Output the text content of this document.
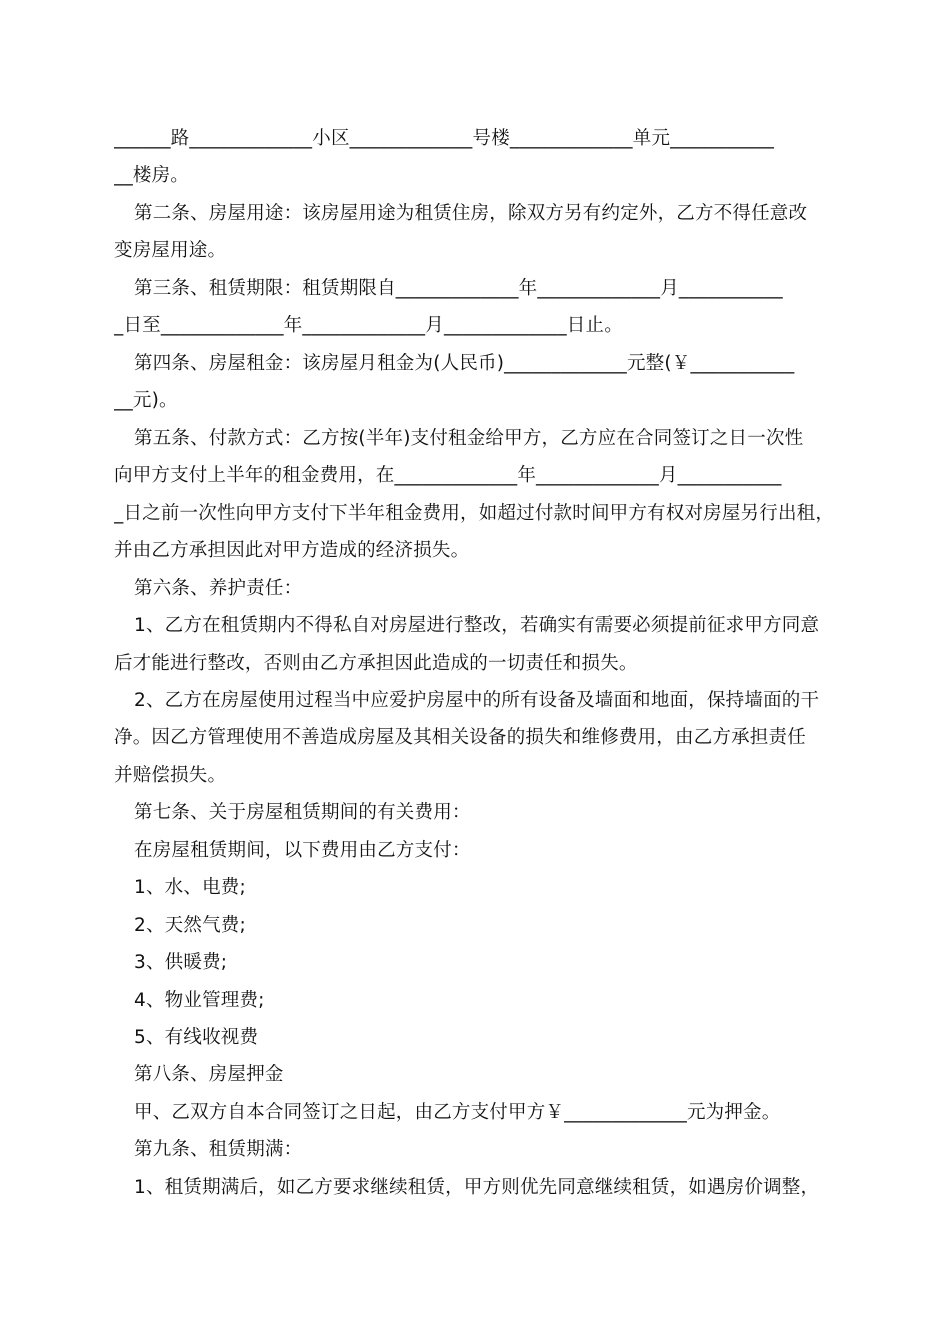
______路_____________小区_____________号楼_____________单元___________
__楼房。
第二条、房屋用途：该房屋用途为租赁住房，除双方另有约定外，乙方不得任意改
变房屋用途。
第三条、租赁期限：租赁期限自_____________年_____________月___________
_日至_____________年_____________月_____________日止。
第四条、房屋租金：该房屋月租金为(人民币)_____________元整(￥___________
__元)。
第五条、付款方式：乙方按(半年)支付租金给甲方，乙方应在合同签订之日一次性
向甲方支付上半年的租金费用，在_____________年_____________月___________
_日之前一次性向甲方支付下半年租金费用，如超过付款时间甲方有权对房屋另行出租，
并由乙方承担因此对甲方造成的经济损失。
第六条、养护责任：
1、乙方在租赁期内不得私自对房屋进行整改，若确实有需要必须提前征求甲方同意
后才能进行整改，否则由乙方承担因此造成的一切责任和损失。
2、乙方在房屋使用过程当中应爱护房屋中的所有设备及墙面和地面，保持墙面的干
净。因乙方管理使用不善造成房屋及其相关设备的损失和维修费用，由乙方承担责任
并赔偿损失。
第七条、关于房屋租赁期间的有关费用：
在房屋租赁期间，以下费用由乙方支付：
1、水、电费;
2、天然气费;
3、供暖费;
4、物业管理费;
5、有线收视费
第八条、房屋押金
甲、乙双方自本合同签订之日起，由乙方支付甲方￥_____________元为押金。
第九条、租赁期满：
1、租赁期满后，如乙方要求继续租赁，甲方则优先同意继续租赁，如遇房价调整，
